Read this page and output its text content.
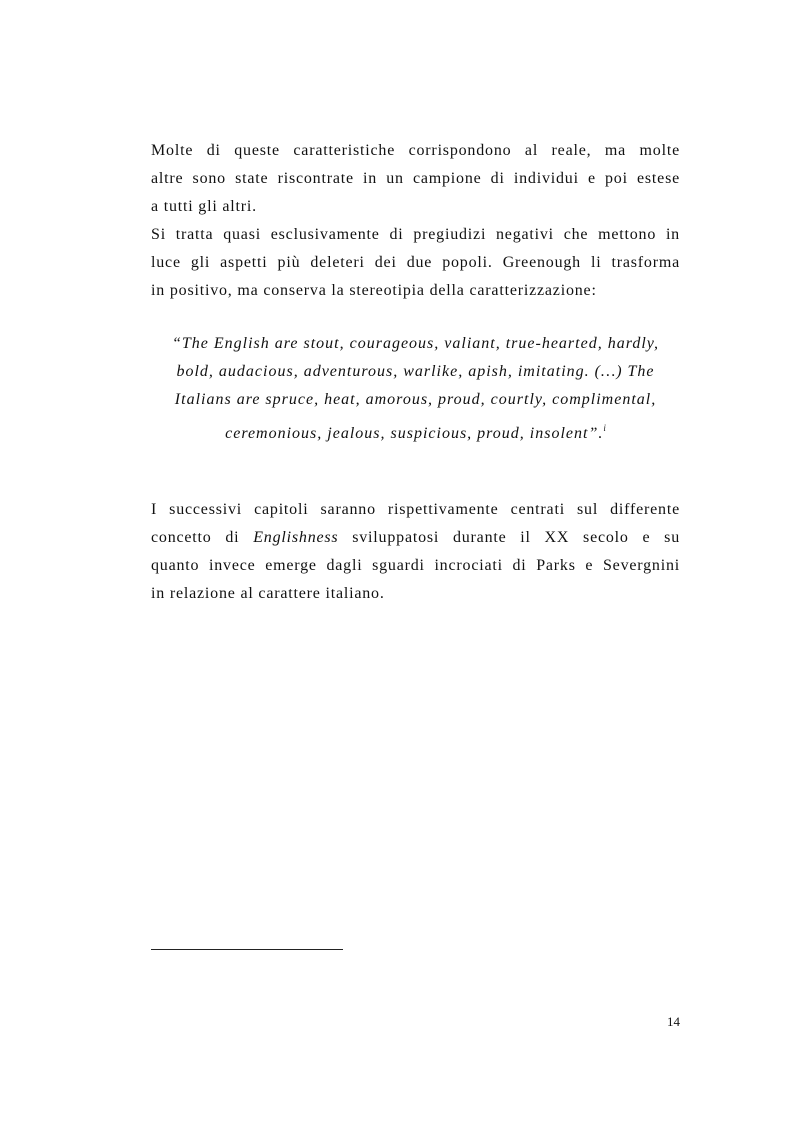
Molte di queste caratteristiche corrispondono al reale, ma molte
altre sono state riscontrate in un campione di individui e poi estese
a tutti gli altri.
Si tratta quasi esclusivamente di pregiudizi negativi che mettono in
luce gli aspetti più deleteri dei due popoli. Greenough li trasforma
in positivo, ma conserva la stereotipia della caratterizzazione:
“The English are stout, courageous, valiant, true-hearted, hardly,
bold, audacious, adventurous, warlike, apish, imitating. (…) The
Italians are spruce, heat, amorous, proud, courtly, complimental,
ceremonious, jealous, suspicious, proud, insolent”.$^i$
I successivi capitoli saranno rispettivamente centrati sul differente
concetto di Englishness sviluppatosi durante il XX secolo e su
quanto invece emerge dagli sguardi incrociati di Parks e Severgnini
in relazione al carattere italiano.
14
